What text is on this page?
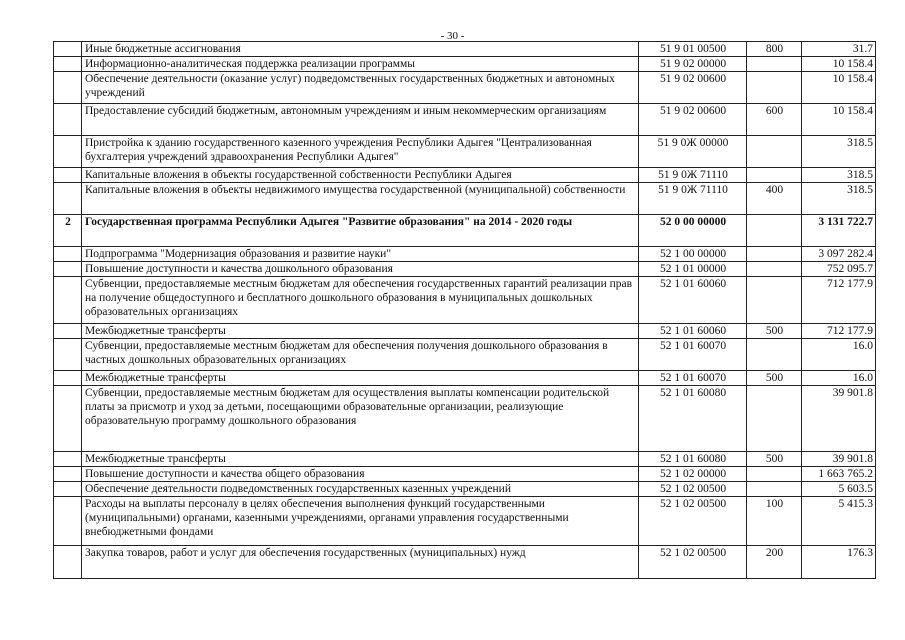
- 30 -
	Иные бюджетные ассигнования	51 9 01 00500	800	31.7
	Информационно-аналитическая поддержка реализации программы	51 9 02 00000		10 158.4
	Обеспечение деятельности (оказание услуг) подведомственных государственных бюджетных и автономных учреждений	51 9 02 00600		10 158.4
	Предоставление субсидий бюджетным, автономным учреждениям и иным некоммерческим организациям	51 9 02 00600	600	10 158.4
	Пристройка к зданию государственного казенного учреждения Республики Адыгея "Централизованная бухгалтерия учреждений здравоохранения Республики Адыгея"	51 9 0Ж 00000		318.5
	Капитальные вложения в объекты государственной собственности Республики Адыгея	51 9 0Ж 71110		318.5
	Капитальные вложения в объекты недвижимого имущества государственной (муниципальной) собственности	51 9 0Ж 71110	400	318.5
2	Государственная программа Республики Адыгея "Развитие образования" на 2014 - 2020 годы	52 0 00 00000		3 131 722.7
	Подпрограмма "Модернизация образования и развитие науки"	52 1 00 00000		3 097 282.4
	Повышение доступности и качества дошкольного образования	52 1 01 00000		752 095.7
	Субвенции, предоставляемые местным бюджетам для обеспечения государственных гарантий реализации прав на получение общедоступного и бесплатного дошкольного образования в муниципальных дошкольных образовательных организациях	52 1 01 60060		712 177.9
	Межбюджетные трансферты	52 1 01 60060	500	712 177.9
	Субвенции, предоставляемые местным бюджетам для обеспечения получения дошкольного образования в частных дошкольных образовательных организациях	52 1 01 60070		16.0
	Межбюджетные трансферты	52 1 01 60070	500	16.0
	Субвенции, предоставляемые местным бюджетам для осуществления выплаты компенсации родительской платы за присмотр и уход за детьми, посещающими образовательные организации, реализующие образовательную программу дошкольного образования	52 1 01 60080		39 901.8
	Межбюджетные трансферты	52 1 01 60080	500	39 901.8
	Повышение доступности и качества общего образования	52 1 02 00000		1 663 765.2
	Обеспечение деятельности подведомственных государственных казенных учреждений	52 1 02 00500		5 603.5
	Расходы на выплаты персоналу в целях обеспечения выполнения функций государственными (муниципальными) органами, казенными учреждениями, органами управления государственными внебюджетными фондами	52 1 02 00500	100	5 415.3
	Закупка товаров, работ и услуг для обеспечения государственных (муниципальных) нужд	52 1 02 00500	200	176.3
